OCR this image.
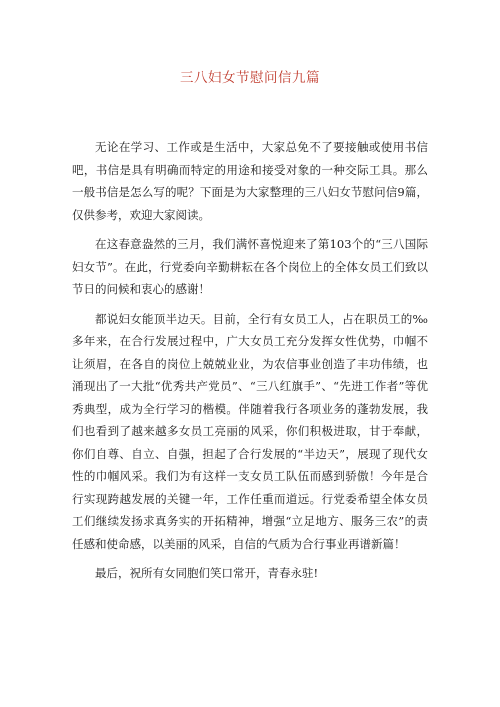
三八妇女节慰问信九篇

无论在学习、工作或是生活中，大家总免不了要接触或使用书信吧，书信是具有明确而特定的用途和接受对象的一种交际工具。那么一般书信是怎么写的呢？下面是为大家整理的三八妇女节慰问信9篇，仅供参考，欢迎大家阅读。

在这春意盎然的三月，我们满怀喜悦迎来了第103个的“三八国际妇女节”。在此，行党委向辛勤耕耘在各个岗位上的全体女员工们致以节日的问候和衷心的感谢！

都说妇女能顶半边天。目前，全行有女员工人，占在职员工的‰多年来，在合行发展过程中，广大女员工充分发挥女性优势，巾帼不让须眉，在各自的岗位上兢兢业业，为农信事业创造了丰功伟绩，也涌现出了一大批“优秀共产党员”、“三八红旗手”、“先进工作者”等优秀典型，成为全行学习的楷模。伴随着我行各项业务的蓬勃发展，我们也看到了越来越多女员工亮丽的风采，你们积极进取，甘于奉献，你们自尊、自立、自强，担起了合行发展的“半边天”，展现了现代女性的巾帼风采。我们为有这样一支女员工队伍而感到骄傲！今年是合行实现跨越发展的关键一年，工作任重而道远。行党委希望全体女员工们继续发扬求真务实的开拓精神，增强“立足地方、服务三农”的责任感和使命感，以美丽的风采，自信的气质为合行事业再谱新篇！

最后，祝所有女同胞们笑口常开，青春永驻!
